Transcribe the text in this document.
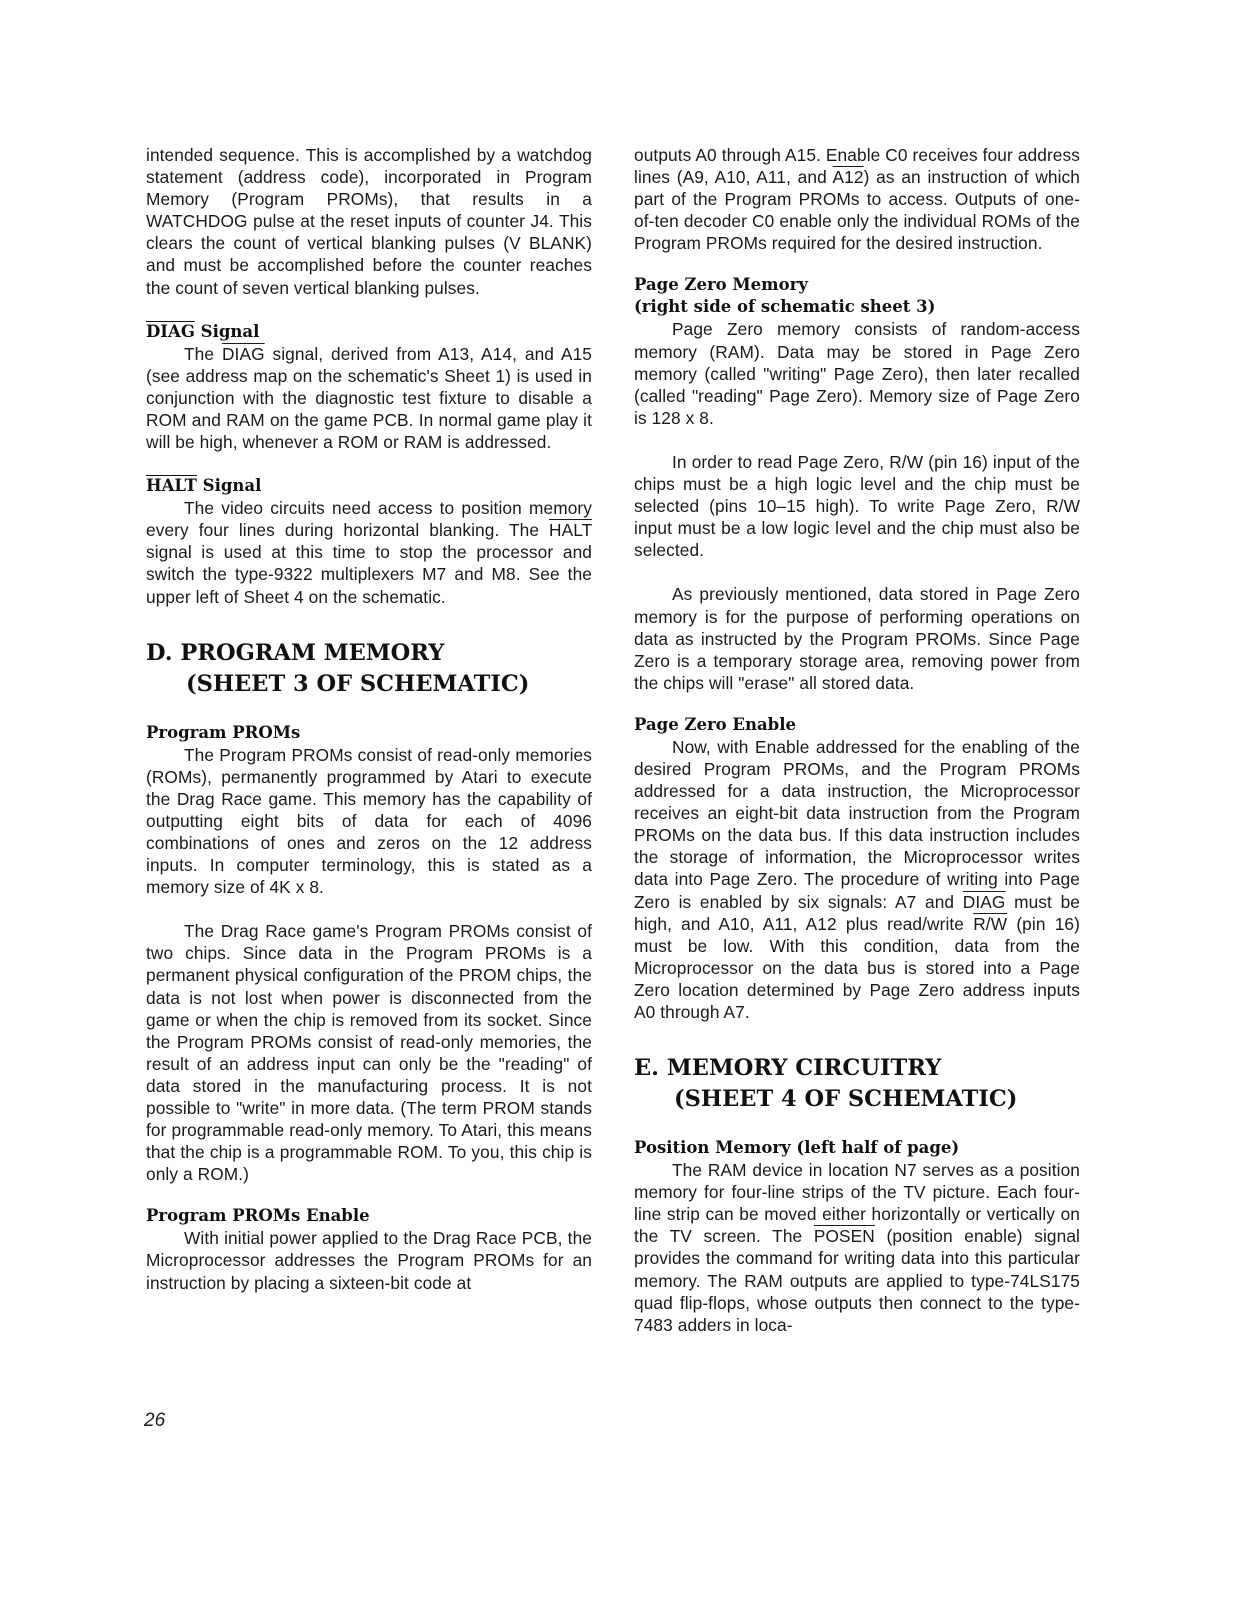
intended sequence. This is accomplished by a watchdog statement (address code), incorporated in Program Memory (Program PROMs), that results in a WATCHDOG pulse at the reset inputs of counter J4. This clears the count of vertical blanking pulses (V BLANK) and must be accomplished before the counter reaches the count of seven vertical blanking pulses.

DIAG Signal

The DIAG signal, derived from A13, A14, and A15 (see address map on the schematic's Sheet 1) is used in conjunction with the diagnostic test fixture to disable a ROM and RAM on the game PCB. In normal game play it will be high, whenever a ROM or RAM is addressed.

HALT Signal

The video circuits need access to position memory every four lines during horizontal blanking. The HALT signal is used at this time to stop the processor and switch the type-9322 multiplexers M7 and M8. See the upper left of Sheet 4 on the schematic.

D. PROGRAM MEMORY
(SHEET 3 OF SCHEMATIC)
Program PROMs

The Program PROMs consist of read-only memories (ROMs), permanently programmed by Atari to execute the Drag Race game. This memory has the capability of outputting eight bits of data for each of 4096 combinations of ones and zeros on the 12 address inputs. In computer terminology, this is stated as a memory size of 4K x 8.

The Drag Race game's Program PROMs consist of two chips. Since data in the Program PROMs is a permanent physical configuration of the PROM chips, the data is not lost when power is disconnected from the game or when the chip is removed from its socket. Since the Program PROMs consist of read-only memories, the result of an address input can only be the "reading" of data stored in the manufacturing process. It is not possible to "write" in more data. (The term PROM stands for programmable read-only memory. To Atari, this means that the chip is a programmable ROM. To you, this chip is only a ROM.)

Program PROMs Enable

With initial power applied to the Drag Race PCB, the Microprocessor addresses the Program PROMs for an instruction by placing a sixteen-bit code at

outputs A0 through A15. Enable C0 receives four address lines (A9, A10, A11, and A12) as an instruction of which part of the Program PROMs to access. Outputs of one-of-ten decoder C0 enable only the individual ROMs of the Program PROMs required for the desired instruction.

Page Zero Memory
(right side of schematic sheet 3)

Page Zero memory consists of random-access memory (RAM). Data may be stored in Page Zero memory (called "writing" Page Zero), then later recalled (called "reading" Page Zero). Memory size of Page Zero is 128 x 8.

In order to read Page Zero, R/W (pin 16) input of the chips must be a high logic level and the chip must be selected (pins 10–15 high). To write Page Zero, R/W input must be a low logic level and the chip must also be selected.

As previously mentioned, data stored in Page Zero memory is for the purpose of performing operations on data as instructed by the Program PROMs. Since Page Zero is a temporary storage area, removing power from the chips will "erase" all stored data.

Page Zero Enable

Now, with Enable addressed for the enabling of the desired Program PROMs, and the Program PROMs addressed for a data instruction, the Microprocessor receives an eight-bit data instruction from the Program PROMs on the data bus. If this data instruction includes the storage of information, the Microprocessor writes data into Page Zero. The procedure of writing into Page Zero is enabled by six signals: A7 and DIAG must be high, and A10, A11, A12 plus read/write R/W (pin 16) must be low. With this condition, data from the Microprocessor on the data bus is stored into a Page Zero location determined by Page Zero address inputs A0 through A7.

E. MEMORY CIRCUITRY
(SHEET 4 OF SCHEMATIC)
Position Memory (left half of page)

The RAM device in location N7 serves as a position memory for four-line strips of the TV picture. Each four-line strip can be moved either horizontally or vertically on the TV screen. The POSEN (position enable) signal provides the command for writing data into this particular memory. The RAM outputs are applied to type-74LS175 quad flip-flops, whose outputs then connect to the type-7483 adders in loca-

26
